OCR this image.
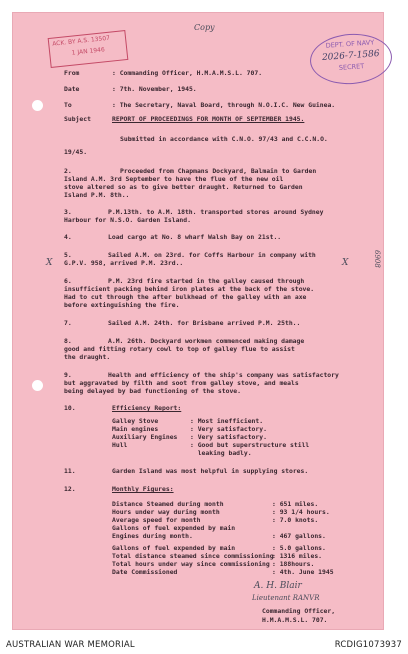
ACK. BY A.S. 13507
1 JAN 1946
Copy
DEPT. OF NAVY
2026-7-1586
SECRET
6908
X	X
From	: Commanding Officer, H.M.A.M.S.L. 707.
Date	: 7th. November, 1945.
To	: The Secretary, Naval Board, through N.O.I.C. New Guinea.
Subject	REPORT OF PROCEEDINGS FOR MONTH OF SEPTEMBER 1945.
Submitted in accordance with C.N.O. 97/43 and C.C.N.O.
19/45.
2.	Proceeded from Chapmans Dockyard, Balmain to Garden
Island A.M. 3rd September to have the flue of the new oil
stove altered so as to give better draught. Returned to Garden
Island P.M. 8th..
3.	P.M.13th. to A.M. 18th. transported stores around Sydney
Harbour for N.S.O. Garden Island.
4.	Load cargo at No. 8 wharf Walsh Bay on 21st..
5.	Sailed A.M. on 23rd. for Coffs Harbour in company with
G.P.V. 958, arrived P.M. 23rd..
6.	P.M. 23rd fire started in the galley caused through
insufficient packing behind iron plates at the back of the stove.
Had to cut through the after bulkhead of the galley with an axe
before extinguishing the fire.
7.	Sailed A.M. 24th. for Brisbane arrived P.M. 25th..
8.	A.M. 26th. Dockyard workmen commenced making damage
good and fitting rotary cowl to top of galley flue to assist
the draught.
9.	Health and efficiency of the ship's company was satisfactory
but aggravated by filth and soot from galley stove, and meals
being delayed by bad functioning of the stove.
10.	Efficiency Report:
Galley Stove	: Most inefficient.
Main engines	: Very satisfactory.
Auxiliary Engines : Very satisfactory.
Hull	: Good but superstructure still
leaking badly.
11.	Garden Island was most helpful in supplying stores.
12.	Monthly Figures:
Distance Steamed during month	: 651 miles.
Hours under way during month	: 93 1/4 hours.
Average speed for month	: 7.0 knots.
Gallons of fuel expended by main
Engines during month.	: 467 gallons.
Gallons of fuel expended by main	: 5.0 gallons.
Total distance steamed since commissioning
: 1316 miles.
Total hours under way since commissioning : 188hours.
Date Commissioned	: 4th. June 1945
A. H. Blair
Lieutenant RANVR
Commanding Officer,
H.M.A.M.S.L. 707.
AUSTRALIAN WAR MEMORIAL	RCDIG1073937
